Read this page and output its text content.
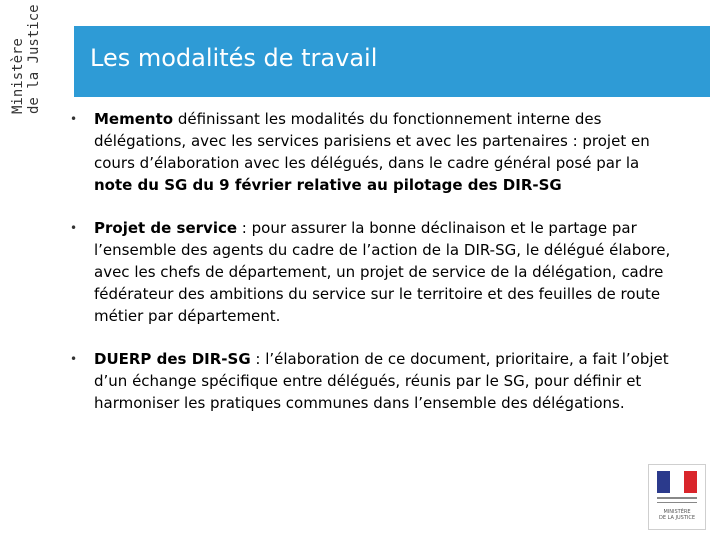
Ministère de la Justice Les modalités de travail
• Memento définissant les modalités du fonctionnement interne des délégations, avec les services parisiens et avec les partenaires : projet en cours d’élaboration avec les délégués, dans le cadre général posé par la note du SG du 9 février relative au pilotage des DIR-SG
• Projet de service : pour assurer la bonne déclinaison et le partage par l’ensemble des agents du cadre de l’action de la DIR-SG, le délégué élabore, avec les chefs de département, un projet de service de la délégation, cadre fédérateur des ambitions du service sur le territoire et des feuilles de route métier par département.
• DUERP des DIR-SG : l’élaboration de ce document, prioritaire, a fait l’objet d’un échange spécifique entre délégués, réunis par le SG, pour définir et harmoniser les pratiques communes dans l’ensemble des délégations.
MINISTÈRE
DE LA JUSTICE
